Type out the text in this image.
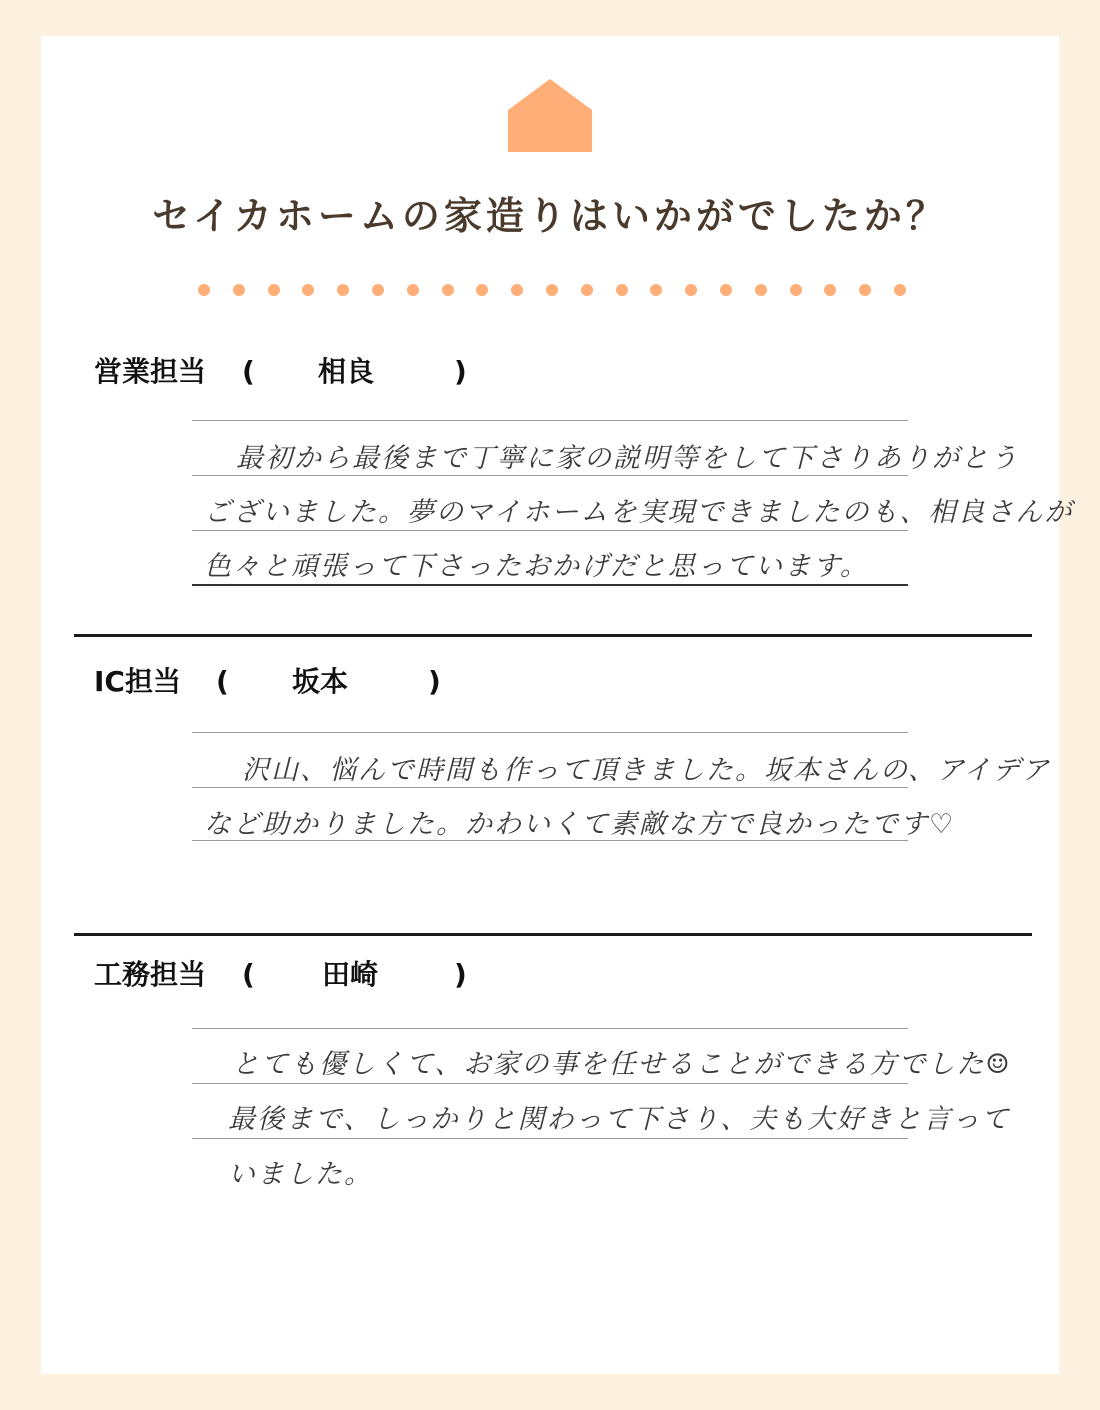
セイカホームの家造りはいかがでしたか？
営業担当 ( 相良	)
最初から最後まで丁寧に家の説明等をして下さりありがとう
ございました。夢のマイホームを実現できましたのも、相良さんが
色々と頑張って下さったおかげだと思っています。
IC担当 ( 坂本	)
沢山、悩んで時間も作って頂きました。坂本さんの、アイデア
など助かりました。かわいくて素敵な方で良かったです♡
工務担当 ( 田崎	)
とても優しくて、お家の事を任せることができる方でした☺
最後まで、しっかりと関わって下さり、夫も大好きと言って
いました。
